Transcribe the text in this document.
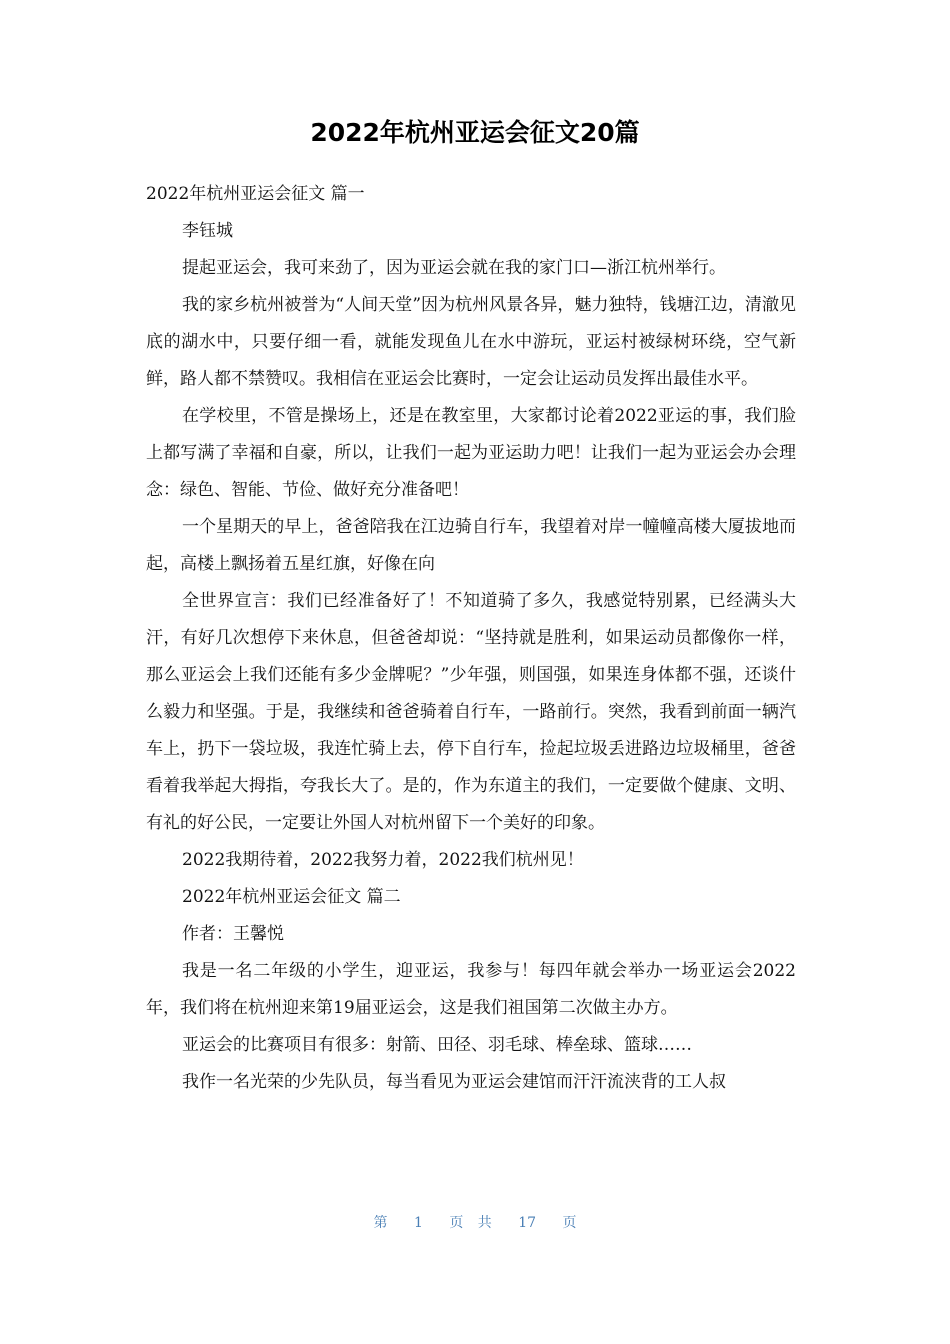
2022年杭州亚运会征文20篇

2022年杭州亚运会征文 篇一

李钰城

提起亚运会，我可来劲了，因为亚运会就在我的家门口—浙江杭州举行。

我的家乡杭州被誉为“人间天堂”因为杭州风景各异，魅力独特，钱塘江边，清澈见底的湖水中，只要仔细一看，就能发现鱼儿在水中游玩，亚运村被绿树环绕，空气新鲜，路人都不禁赞叹。我相信在亚运会比赛时，一定会让运动员发挥出最佳水平。

在学校里，不管是操场上，还是在教室里，大家都讨论着2022亚运的事，我们脸上都写满了幸福和自豪，所以，让我们一起为亚运助力吧！让我们一起为亚运会办会理念：绿色、智能、节俭、做好充分准备吧！

一个星期天的早上，爸爸陪我在江边骑自行车，我望着对岸一幢幢高楼大厦拔地而起，高楼上飘扬着五星红旗，好像在向

全世界宣言：我们已经准备好了！不知道骑了多久，我感觉特别累，已经满头大汗，有好几次想停下来休息，但爸爸却说：“坚持就是胜利，如果运动员都像你一样，那么亚运会上我们还能有多少金牌呢？”少年强，则国强，如果连身体都不强，还谈什么毅力和坚强。于是，我继续和爸爸骑着自行车，一路前行。突然，我看到前面一辆汽车上，扔下一袋垃圾，我连忙骑上去，停下自行车，捡起垃圾丢进路边垃圾桶里，爸爸看着我举起大拇指，夸我长大了。是的，作为东道主的我们，一定要做个健康、文明、有礼的好公民，一定要让外国人对杭州留下一个美好的印象。

2022我期待着，2022我努力着，2022我们杭州见！

2022年杭州亚运会征文 篇二

作者：王馨悦

我是一名二年级的小学生，迎亚运，我参与！每四年就会举办一场亚运会2022年，我们将在杭州迎来第19届亚运会，这是我们祖国第二次做主办方。

亚运会的比赛项目有很多：射箭、田径、羽毛球、棒垒球、篮球……

我作一名光荣的少先队员，每当看见为亚运会建馆而汗汗流浃背的工人叔

第 1 页 共 17 页
